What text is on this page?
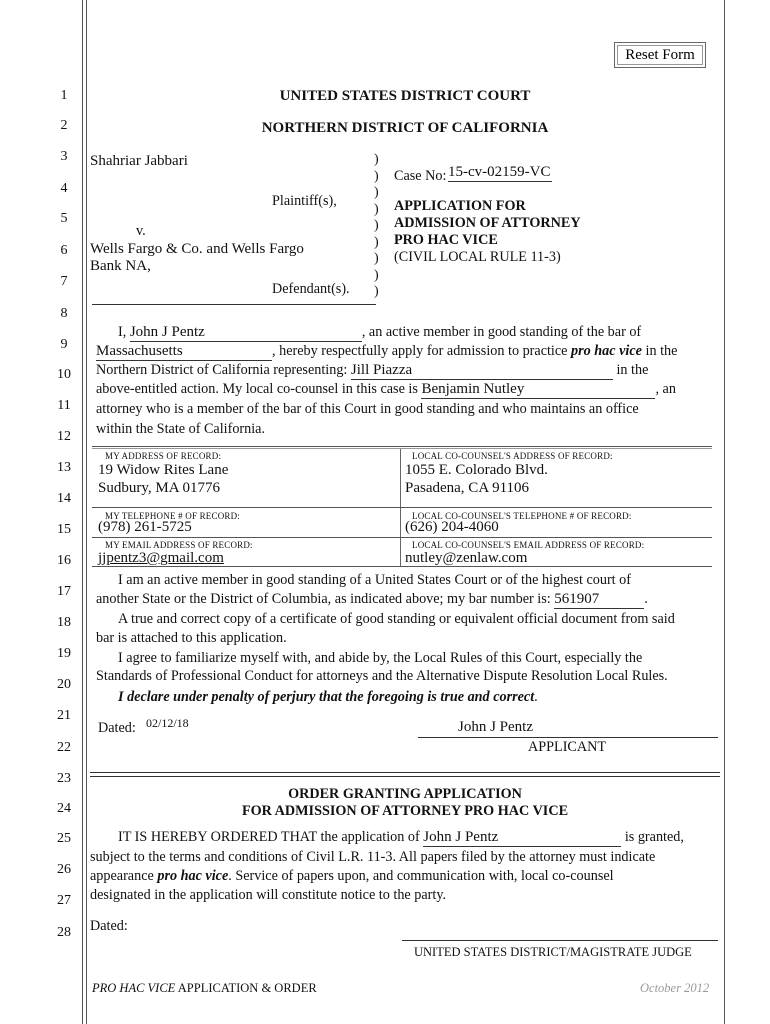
Reset Form
1
2
3
4
5
6
7
8
9
10
11
12
13
14
15
16
17
18
19
20
21
22
23
24
25
26
27
28
UNITED STATES DISTRICT COURT
NORTHERN DISTRICT OF CALIFORNIA
Shahriar Jabbari
Plaintiff(s),
v.
Wells Fargo & Co. and Wells Fargo
Bank NA,
Defendant(s).
)
)
)
)
)
)
)
)
)
Case No: 15-cv-02159-VC
APPLICATION FOR
ADMISSION OF ATTORNEY
PRO HAC VICE
(CIVIL LOCAL RULE 11-3)
I, John J Pentz	, an active member in good standing of the bar of
Massachusetts	, hereby respectfully apply for admission to practice pro hac vice in the
Northern District of California representing: Jill Piazza	in the
above-entitled action. My local co-counsel in this case is Benjamin Nutley	, an
attorney who is a member of the bar of this Court in good standing and who maintains an office
within the State of California.
MY ADDRESS OF RECORD:
19 Widow Rites Lane
Sudbury, MA 01776
LOCAL CO-COUNSEL'S ADDRESS OF RECORD:
1055 E. Colorado Blvd.
Pasadena, CA 91106
MY TELEPHONE # OF RECORD:
(978) 261-5725
LOCAL CO-COUNSEL'S TELEPHONE # OF RECORD:
(626) 204-4060
MY EMAIL ADDRESS OF RECORD:
jjpentz3@gmail.com
LOCAL CO-COUNSEL'S EMAIL ADDRESS OF RECORD:
nutley@zenlaw.com
I am an active member in good standing of a United States Court or of the highest court of
another State or the District of Columbia, as indicated above; my bar number is: 561907	.
A true and correct copy of a certificate of good standing or equivalent official document from said
bar is attached to this application.
I agree to familiarize myself with, and abide by, the Local Rules of this Court, especially the
Standards of Professional Conduct for attorneys and the Alternative Dispute Resolution Local Rules.
I declare under penalty of perjury that the foregoing is true and correct.
Dated: 02/12/18	John J Pentz
APPLICANT
ORDER GRANTING APPLICATION
FOR ADMISSION OF ATTORNEY PRO HAC VICE
IT IS HEREBY ORDERED THAT the application of John J Pentz	is granted,
subject to the terms and conditions of Civil L.R. 11-3. All papers filed by the attorney must indicate
appearance pro hac vice. Service of papers upon, and communication with, local co-counsel
designated in the application will constitute notice to the party.
Dated:
UNITED STATES DISTRICT/MAGISTRATE JUDGE
PRO HAC VICE APPLICATION & ORDER	October 2012
